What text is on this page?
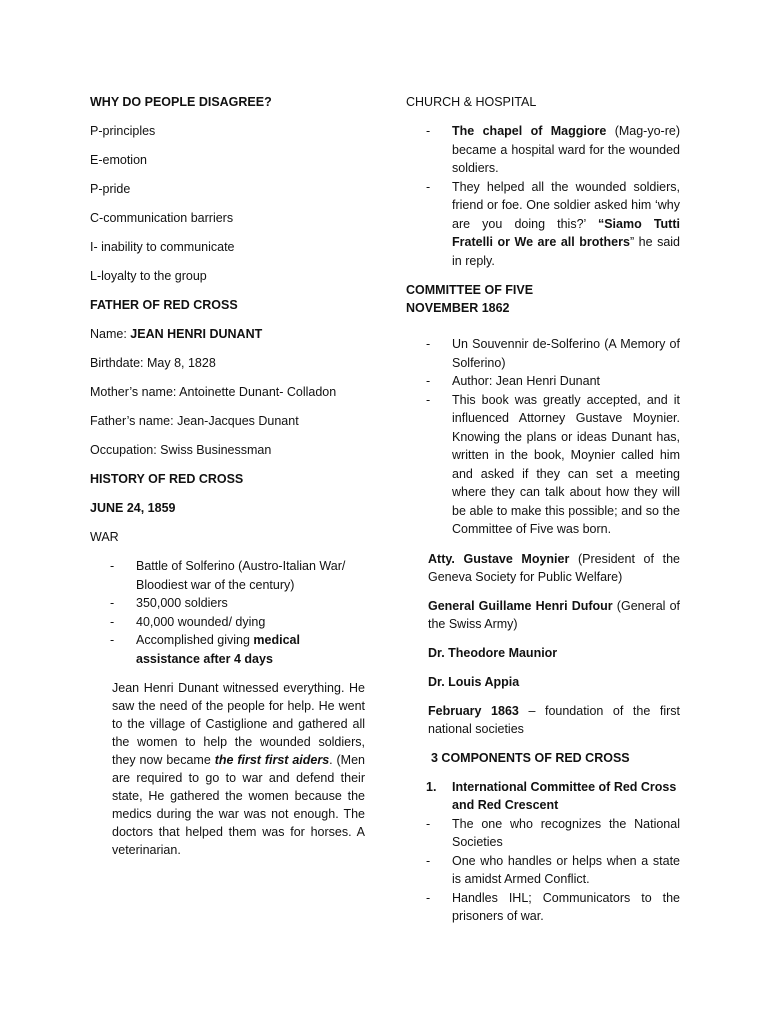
WHY DO PEOPLE DISAGREE?
P-principles
E-emotion
P-pride
C-communication barriers
I- inability to communicate
L-loyalty to the group
FATHER OF RED CROSS
Name: JEAN HENRI DUNANT
Birthdate: May 8, 1828
Mother’s name: Antoinette Dunant- Colladon
Father’s name: Jean-Jacques Dunant
Occupation: Swiss Businessman
HISTORY OF RED CROSS
JUNE 24, 1859
WAR
- Battle of Solferino (Austro-Italian War/ Bloodiest war of the century)
- 350,000 soldiers
- 40,000 wounded/ dying
- Accomplished giving medical assistance after 4 days
Jean Henri Dunant witnessed everything. He saw the need of the people for help. He went to the village of Castiglione and gathered all the women to help the wounded soldiers, they now became the first first aiders. (Men are required to go to war and defend their state, He gathered the women because the medics during the war was not enough. The doctors that helped them was for horses. A veterinarian.
CHURCH & HOSPITAL
- The chapel of Maggiore (Mag-yo-re) became a hospital ward for the wounded soldiers.
- They helped all the wounded soldiers, friend or foe. One soldier asked him ‘why are you doing this?’ “Siamo Tutti Fratelli or We are all brothers” he said in reply.
COMMITTEE OF FIVE
NOVEMBER 1862
- Un Souvennir de-Solferino (A Memory of Solferino)
- Author: Jean Henri Dunant
- This book was greatly accepted, and it influenced Attorney Gustave Moynier. Knowing the plans or ideas Dunant has, written in the book, Moynier called him and asked if they can set a meeting where they can talk about how they will be able to make this possible; and so the Committee of Five was born.
Atty. Gustave Moynier (President of the Geneva Society for Public Welfare)
General Guillame Henri Dufour (General of the Swiss Army)
Dr. Theodore Maunior
Dr. Louis Appia
February 1863 – foundation of the first national societies
3 COMPONENTS OF RED CROSS
1. International Committee of Red Cross and Red Crescent
- The one who recognizes the National Societies
- One who handles or helps when a state is amidst Armed Conflict.
- Handles IHL; Communicators to the prisoners of war.
